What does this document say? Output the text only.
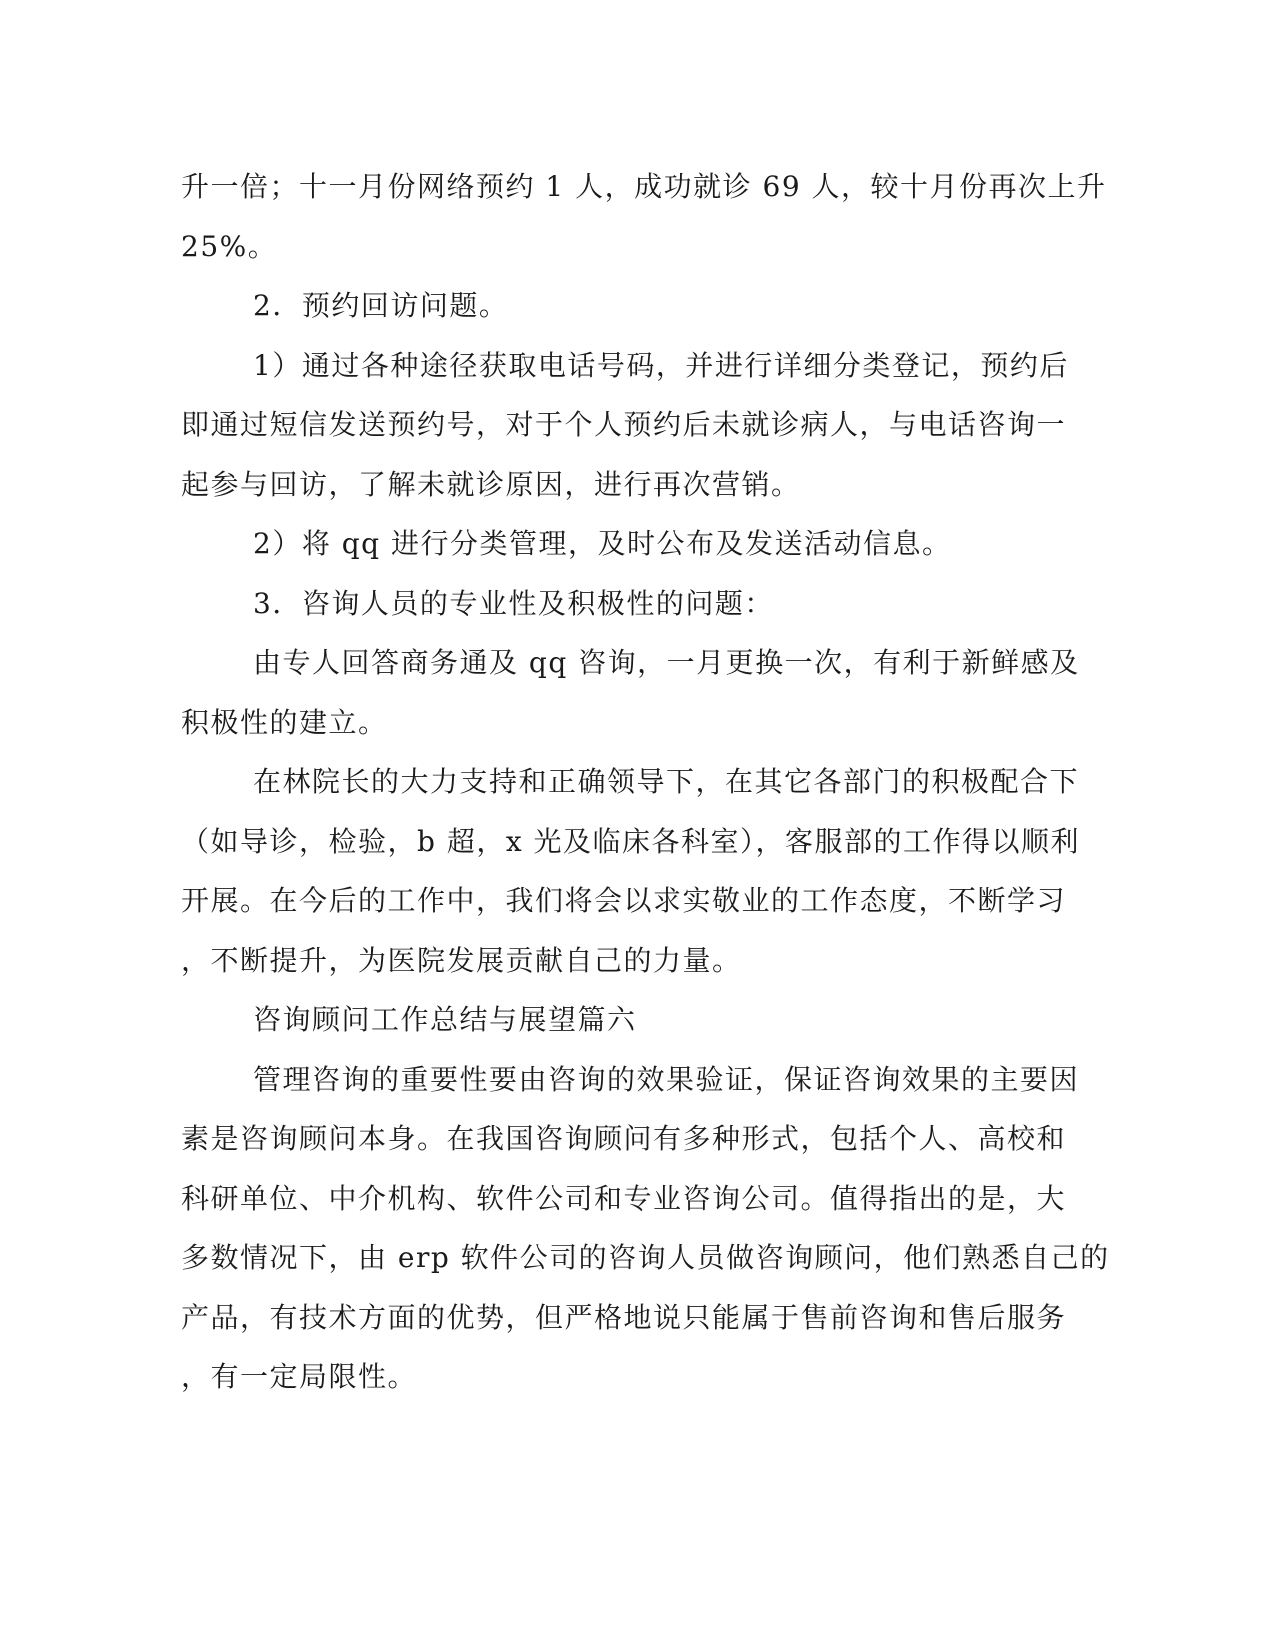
升一倍；十一月份网络预约 1 人，成功就诊 69 人，较十月份再次上升
25%。
2．预约回访问题。
1）通过各种途径获取电话号码，并进行详细分类登记，预约后
即通过短信发送预约号，对于个人预约后未就诊病人，与电话咨询一
起参与回访，了解未就诊原因，进行再次营销。
2）将 qq 进行分类管理，及时公布及发送活动信息。
3．咨询人员的专业性及积极性的问题：
由专人回答商务通及 qq 咨询，一月更换一次，有利于新鲜感及
积极性的建立。
在林院长的大力支持和正确领导下，在其它各部门的积极配合下
（如导诊，检验，b 超，x 光及临床各科室），客服部的工作得以顺利
开展。在今后的工作中，我们将会以求实敬业的工作态度，不断学习
，不断提升，为医院发展贡献自己的力量。
咨询顾问工作总结与展望篇六
管理咨询的重要性要由咨询的效果验证，保证咨询效果的主要因
素是咨询顾问本身。在我国咨询顾问有多种形式，包括个人、高校和
科研单位、中介机构、软件公司和专业咨询公司。值得指出的是，大
多数情况下，由 erp 软件公司的咨询人员做咨询顾问，他们熟悉自己的
产品，有技术方面的优势，但严格地说只能属于售前咨询和售后服务
，有一定局限性。
